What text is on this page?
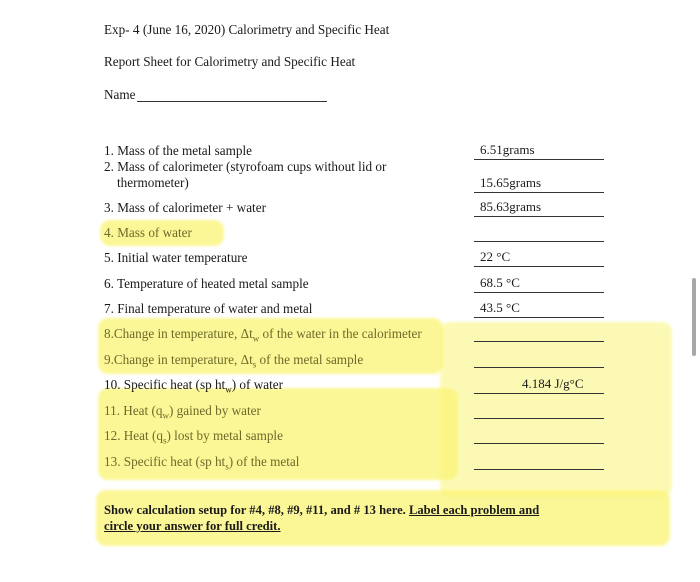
Exp- 4 (June 16, 2020) Calorimetry and Specific Heat
Report Sheet for Calorimetry and Specific Heat
Name
1. Mass of the metal sample	6.51grams
2. Mass of calorimeter (styrofoam cups without lid or
thermometer)	15.65grams
3. Mass of calorimeter + water	85.63grams
4. Mass of water
5. Initial water temperature	22 °C
6. Temperature of heated metal sample	68.5 °C
7. Final temperature of water and metal	43.5 °C
8.Change in temperature, $\Delta t_w$ of the water in the calorimeter
9.Change in temperature, $\Delta t_s$ of the metal sample
10. Specific heat (sp $ht_w$) of water	4.184 J/g°C
11. Heat $(q_w)$ gained by water
12. Heat $(q_s)$ lost by metal sample
13. Specific heat (sp $ht_s$) of the metal
Show calculation setup for #4, #8, #9, #11, and # 13 here. Label each problem and
circle your answer for full credit.
